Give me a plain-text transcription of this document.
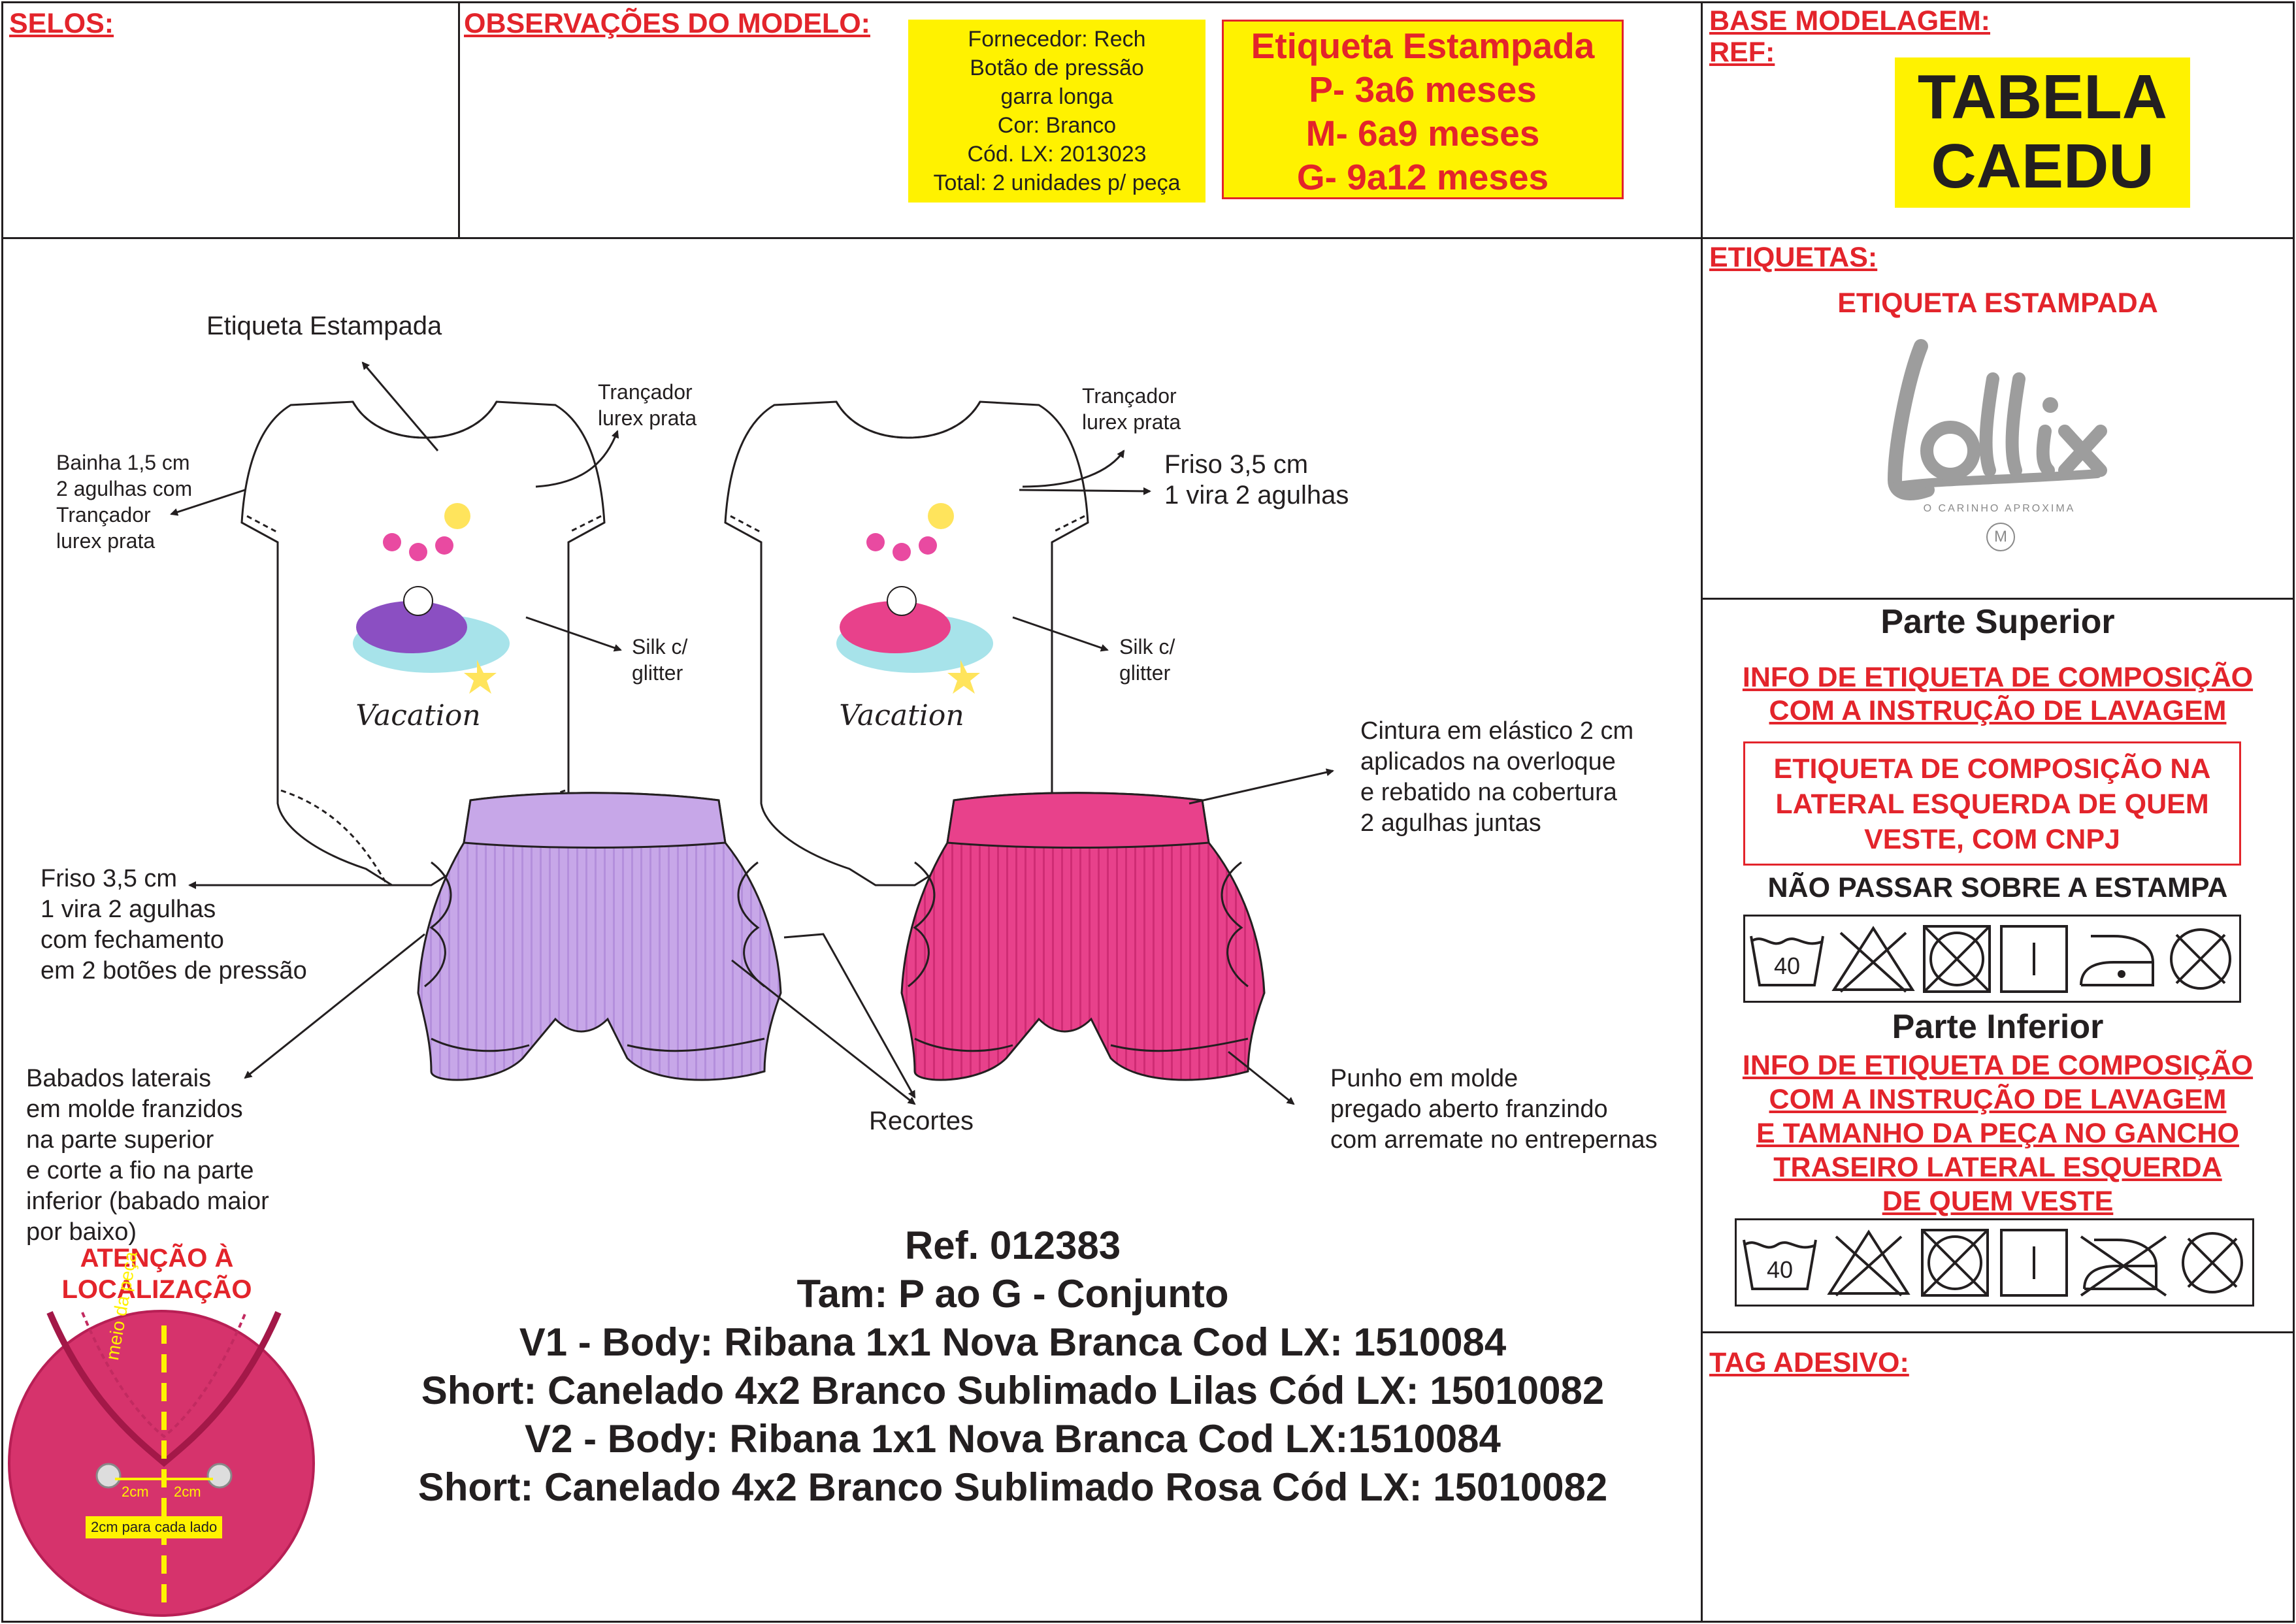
SELOS:	OBSERVAÇÕES DO MODELO:	Fornecedor: Rech
Botão de pressão
garra longa
Cor: Branco
Cód. LX: 2013023
Total: 2 unidades p/ peça
Etiqueta Estampada
P- 3a6 meses
M- 6a9 meses
G- 9a12 meses
BASE MODELAGEM:
REF:
TABELA
CAEDU
ETIQUETAS:
ETIQUETA ESTAMPADA
O CARINHO APROXIMA
M
Parte Superior
INFO DE ETIQUETA DE COMPOSIÇÃO
COM A INSTRUÇÃO DE LAVAGEM
ETIQUETA DE COMPOSIÇÃO NA
LATERAL ESQUERDA DE QUEM
VESTE, COM CNPJ
NÃO PASSAR SOBRE A ESTAMPA
40
Parte Inferior
INFO DE ETIQUETA DE COMPOSIÇÃO
COM A INSTRUÇÃO DE LAVAGEM
E TAMANHO DA PEÇA NO GANCHO
TRASEIRO LATERAL ESQUERDA
DE QUEM VESTE
40
TAG ADESIVO:
Vacation	Vacation
Etiqueta Estampada
Bainha 1,5 cm
2 agulhas com
Trançador
lurex prata
Trançador
lurex prata
Trançador
lurex prata
Friso 3,5 cm
1 vira 2 agulhas
Silk c/
glitter
Silk c/
glitter
Cintura em elástico 2 cm
aplicados na overloque
e rebatido na cobertura
2 agulhas juntas
Friso 3,5 cm
1 vira 2 agulhas
com fechamento
em 2 botões de pressão
Babados laterais
em molde franzidos
na parte superior
e corte a fio na parte
inferior (babado maior
por baixo)
Recortes
Punho em molde
pregado aberto franzindo
com arremate no entrepernas
Ref. 012383
Tam: P ao G - Conjunto
V1 - Body: Ribana 1x1 Nova Branca Cod LX: 1510084
Short: Canelado 4x2 Branco Sublimado Lilas Cód LX: 15010082
V2 - Body: Ribana 1x1 Nova Branca Cod LX:1510084
Short: Canelado 4x2 Branco Sublimado Rosa Cód LX: 15010082
ATENÇÃO À
LOCALIZAÇÃO
meio da peça
2cm 2cm
2cm para cada lado
